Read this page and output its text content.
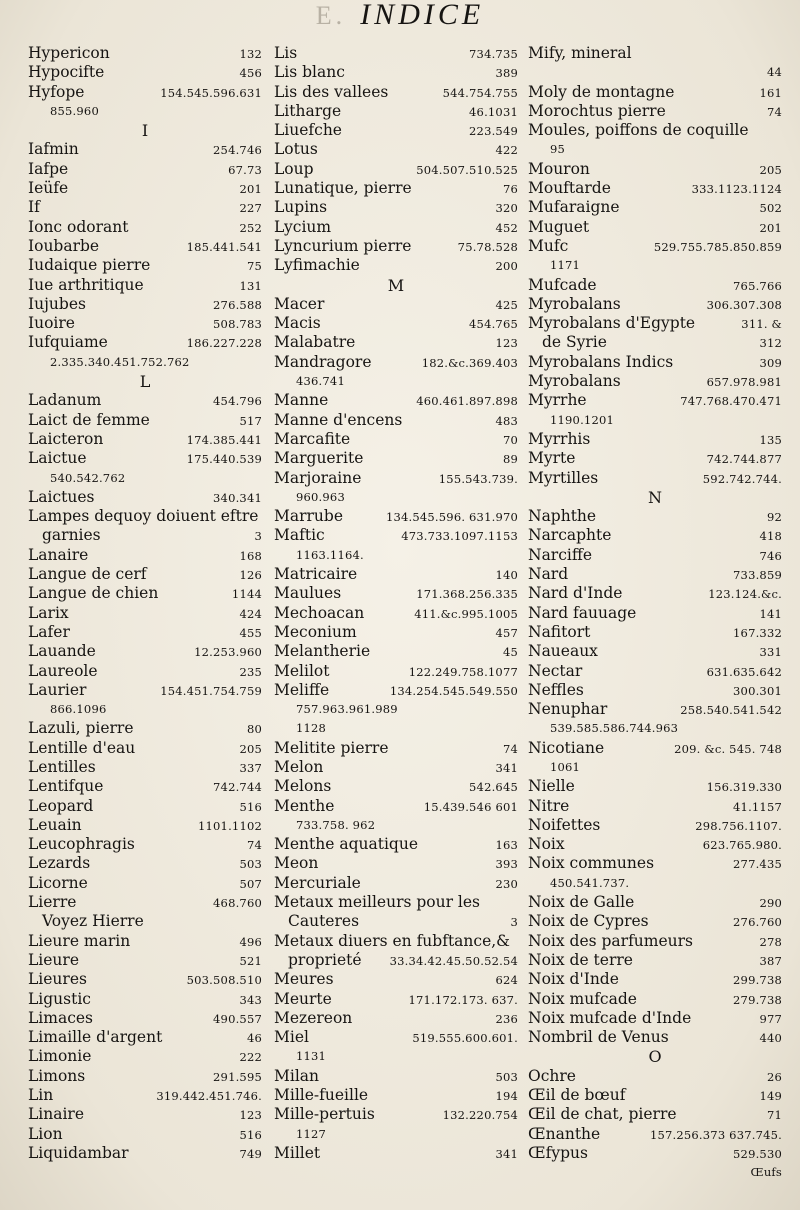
E. INDICE
Hypericon	132
Hypocifte	456
Hyfope	154.545.596.631
855.960
I
Iafmin	254.746
Iafpe	67.73
Ieüfe	201
If	227
Ionc odorant	252
Ioubarbe	185.441.541
Iudaique pierre	75
Iue arthritique	131
Iujubes	276.588
Iuoire	508.783
Iufquiame	186.227.228
2.335.340.451.752.762
L
Ladanum	454.796
Laict de femme	517
Laicteron	174.385.441
Laictue	175.440.539
540.542.762
Laictues	340.341
Lampes dequoy doiuent eftre
garnies	3
Lanaire	168
Langue de cerf	126
Langue de chien	1144
Larix	424
Lafer	455
Lauande	12.253.960
Laureole	235
Laurier	154.451.754.759
866.1096
Lazuli, pierre	80
Lentille d'eau	205
Lentilles	337
Lentifque	742.744
Leopard	516
Leuain	1101.1102
Leucophragis	74
Lezards	503
Licorne	507
Lierre	468.760
Voyez Hierre
Lieure marin	496
Lieure	521
Lieures	503.508.510
Ligustic	343
Limaces	490.557
Limaille d'argent	46
Limonie	222
Limons	291.595
Lin	319.442.451.746.
Linaire	123
Lion	516
Liquidambar	749
Lis	734.735
Lis blanc	389
Lis des vallees	544.754.755
Litharge	46.1031
Liuefche	223.549
Lotus	422
Loup	504.507.510.525
Lunatique, pierre	76
Lupins	320
Lycium	452
Lyncurium pierre	75.78.528
Lyfimachie	200
M
Macer	425
Macis	454.765
Malabatre	123
Mandragore	182.&c.369.403
436.741
Manne	460.461.897.898
Manne d'encens	483
Marcafite	70
Marguerite	89
Marjoraine	155.543.739.
960.963
Marrube	134.545.596. 631.970
Maftic	473.733.1097.1153
1163.1164.
Matricaire	140
Maulues	171.368.256.335
Mechoacan	411.&c.995.1005
Meconium	457
Melantherie	45
Melilot	122.249.758.1077
Meliffe	134.254.545.549.550
757.963.961.989
1128
Melitite pierre	74
Melon	341
Melons	542.645
Menthe	15.439.546 601
733.758. 962
Menthe aquatique	163
Meon	393
Mercuriale	230
Metaux meilleurs pour les
Cauteres	3
Metaux diuers en fubftance,&
proprieté	33.34.42.45.50.52.54
Meures	624
Meurte	171.172.173. 637.
Mezereon	236
Miel	519.555.600.601.
1131
Milan	503
Mille-fueille	194
Mille-pertuis	132.220.754
1127
Millet	341
Mify, mineral
44
Moly de montagne	161
Morochtus pierre	74
Moules, poiffons de coquille
95
Mouron	205
Mouftarde	333.1123.1124
Mufaraigne	502
Muguet	201
Mufc	529.755.785.850.859
1171
Mufcade	765.766
Myrobalans	306.307.308
Myrobalans d'Egypte	311. &
de Syrie	312
Myrobalans Indics	309
Myrobalans	657.978.981
Myrrhe	747.768.470.471
1190.1201
Myrrhis	135
Myrte	742.744.877
Myrtilles	592.742.744.
N
Naphthe	92
Narcaphte	418
Narciffe	746
Nard	733.859
Nard d'Inde	123.124.&c.
Nard fauuage	141
Nafitort	167.332
Naueaux	331
Nectar	631.635.642
Neffles	300.301
Nenuphar	258.540.541.542
539.585.586.744.963
Nicotiane	209. &c. 545. 748
1061
Nielle	156.319.330
Nitre	41.1157
Noifettes	298.756.1107.
Noix	623.765.980.
Noix communes	277.435
450.541.737.
Noix de Galle	290
Noix de Cypres	276.760
Noix des parfumeurs	278
Noix de terre	387
Noix d'Inde	299.738
Noix mufcade	279.738
Noix mufcade d'Inde	977
Nombril de Venus	440
O
Ochre	26
Œil de bœuf	149
Œil de chat, pierre	71
Œnanthe	157.256.373 637.745.
Œfypus	529.530
Œufs
